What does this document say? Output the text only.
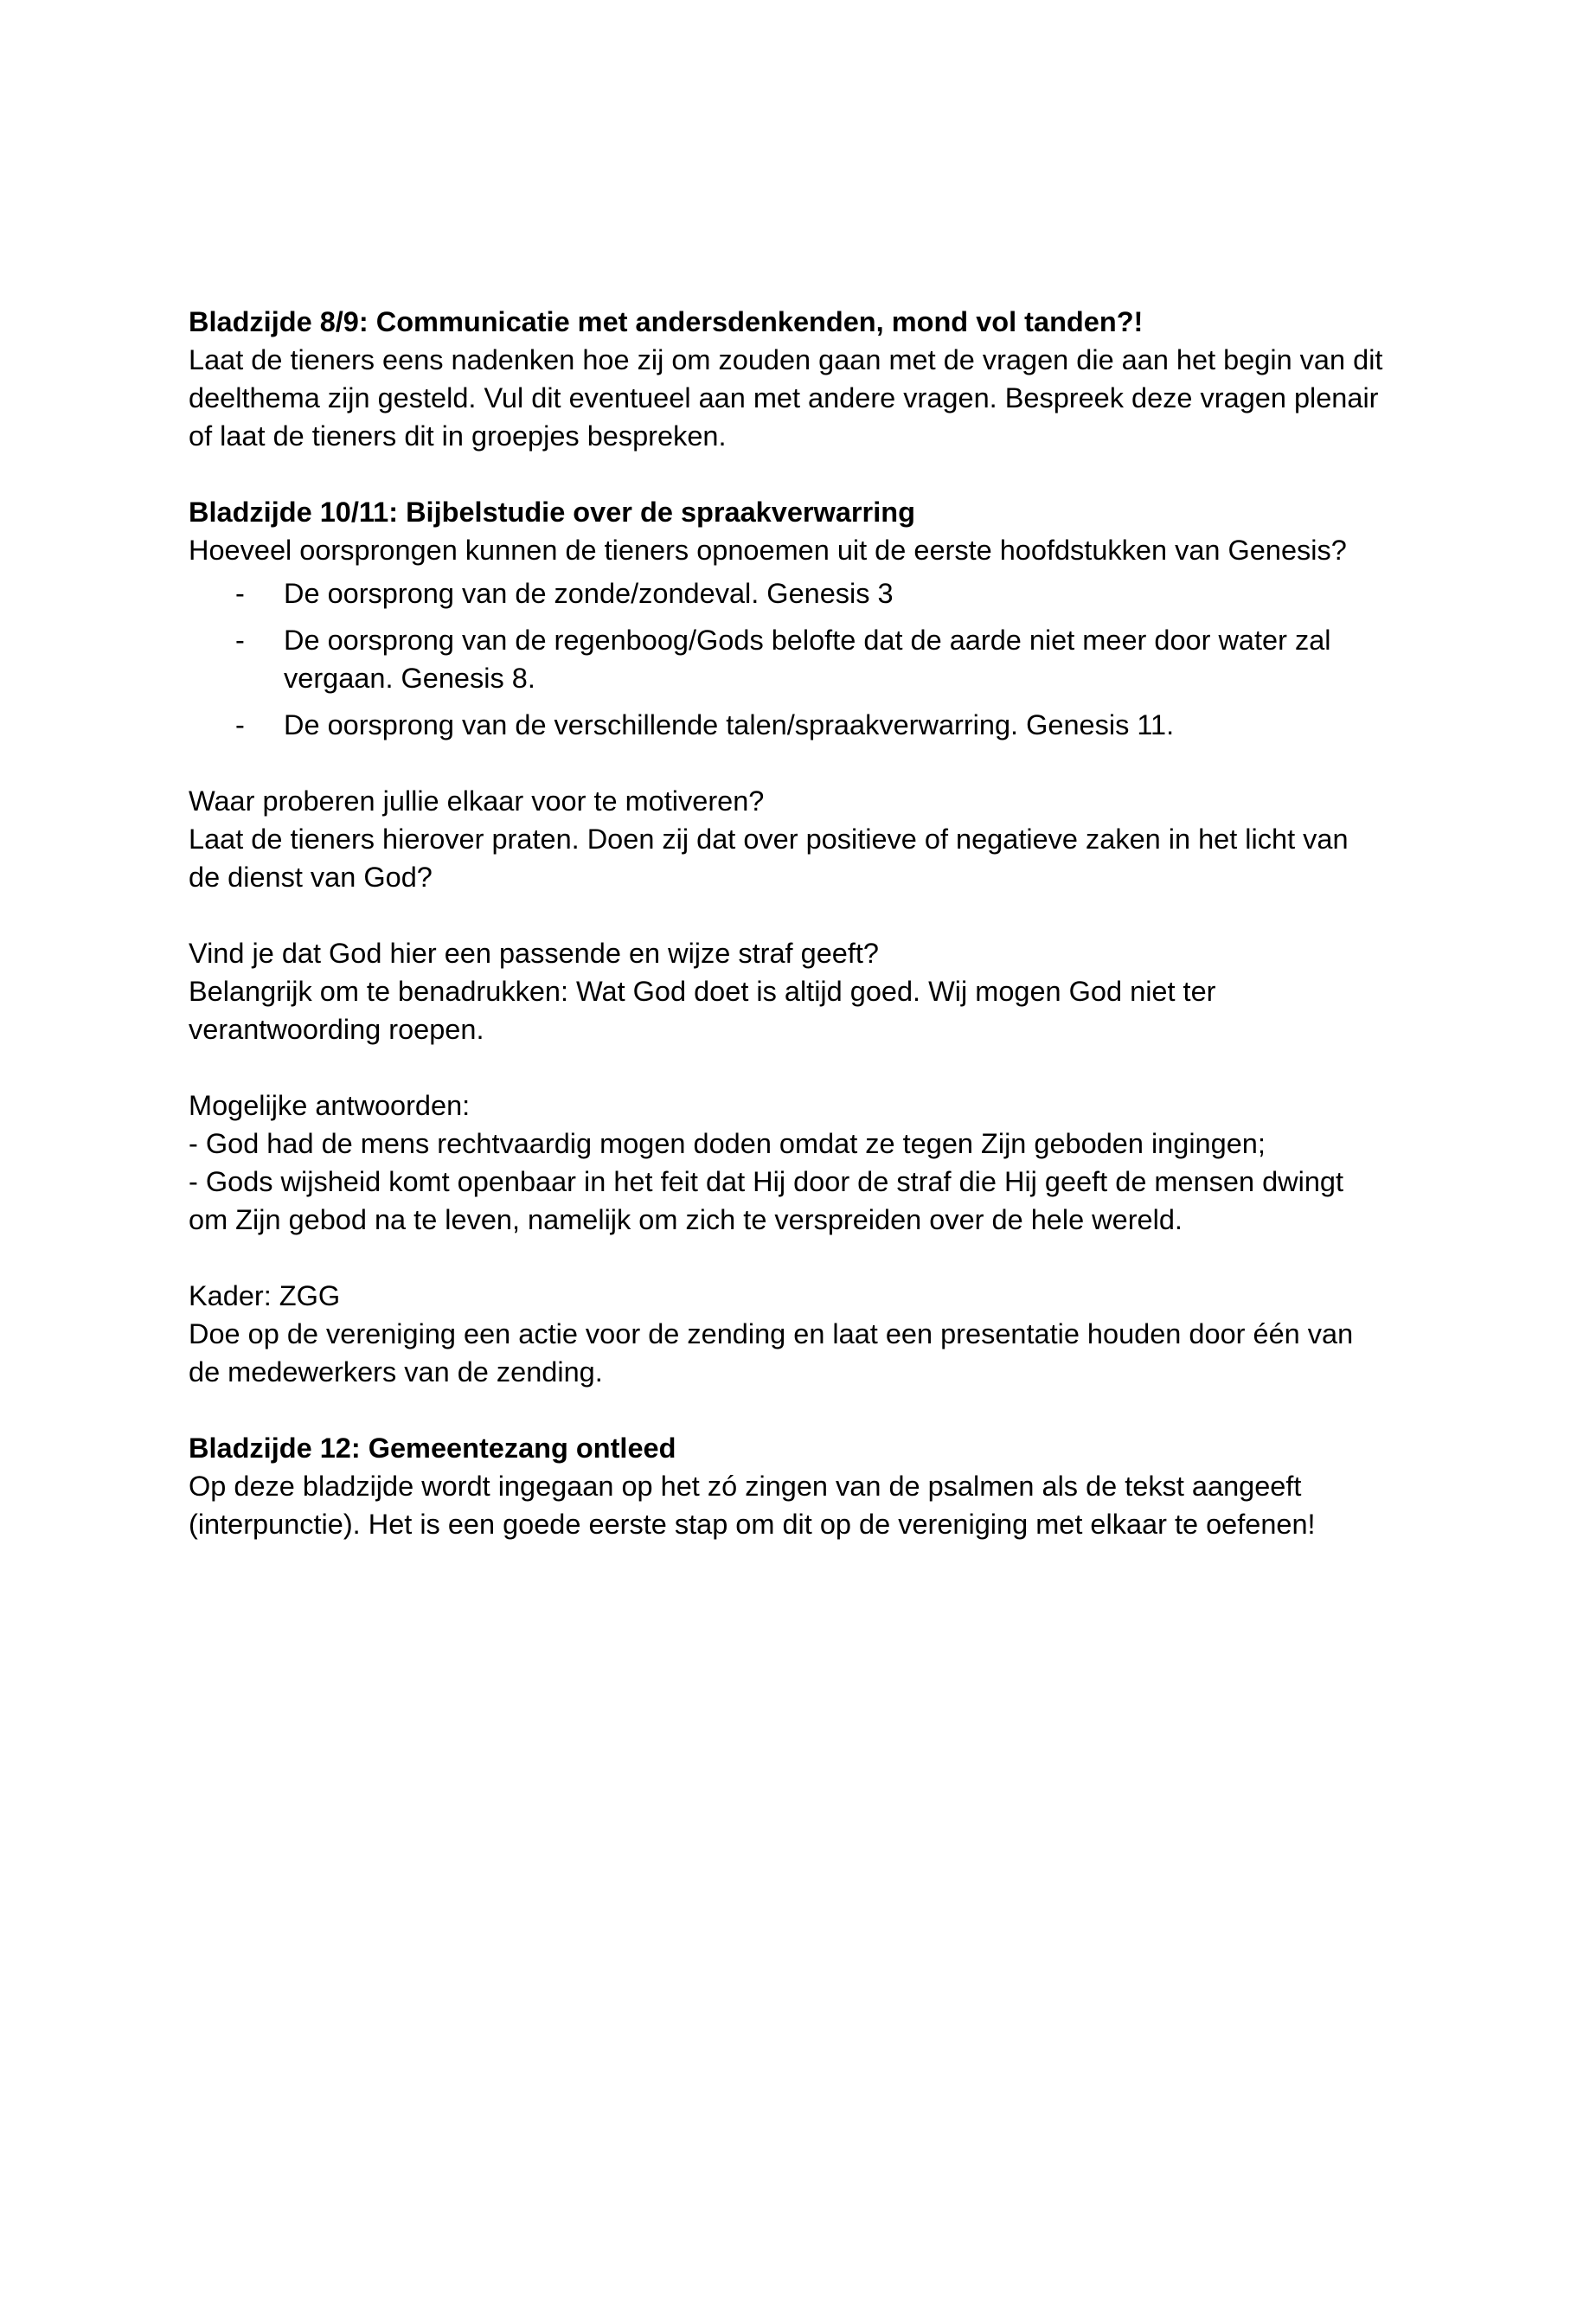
Bladzijde 8/9: Communicatie met andersdenkenden, mond vol tanden?!
Laat de tieners eens nadenken hoe zij om zouden gaan met de vragen die aan het begin van dit
deelthema zijn gesteld. Vul dit eventueel aan met andere vragen. Bespreek deze vragen plenair
of laat de tieners dit in groepjes bespreken.
Bladzijde 10/11: Bijbelstudie over de spraakverwarring
Hoeveel oorsprongen kunnen de tieners opnoemen uit de eerste hoofdstukken van Genesis?
- De oorsprong van de zonde/zondeval. Genesis 3
- De oorsprong van de regenboog/Gods belofte dat de aarde niet meer door water zal
vergaan. Genesis 8.
- De oorsprong van de verschillende talen/spraakverwarring. Genesis 11.
Waar proberen jullie elkaar voor te motiveren?
Laat de tieners hierover praten. Doen zij dat over positieve of negatieve zaken in het licht van
de dienst van God?
Vind je dat God hier een passende en wijze straf geeft?
Belangrijk om te benadrukken: Wat God doet is altijd goed. Wij mogen God niet ter
verantwoording roepen.
Mogelijke antwoorden:
- God had de mens rechtvaardig mogen doden omdat ze tegen Zijn geboden ingingen;
- Gods wijsheid komt openbaar in het feit dat Hij door de straf die Hij geeft de mensen dwingt
om Zijn gebod na te leven, namelijk om zich te verspreiden over de hele wereld.
Kader: ZGG
Doe op de vereniging een actie voor de zending en laat een presentatie houden door één van
de medewerkers van de zending.
Bladzijde 12: Gemeentezang ontleed
Op deze bladzijde wordt ingegaan op het zó zingen van de psalmen als de tekst aangeeft
(interpunctie). Het is een goede eerste stap om dit op de vereniging met elkaar te oefenen!
